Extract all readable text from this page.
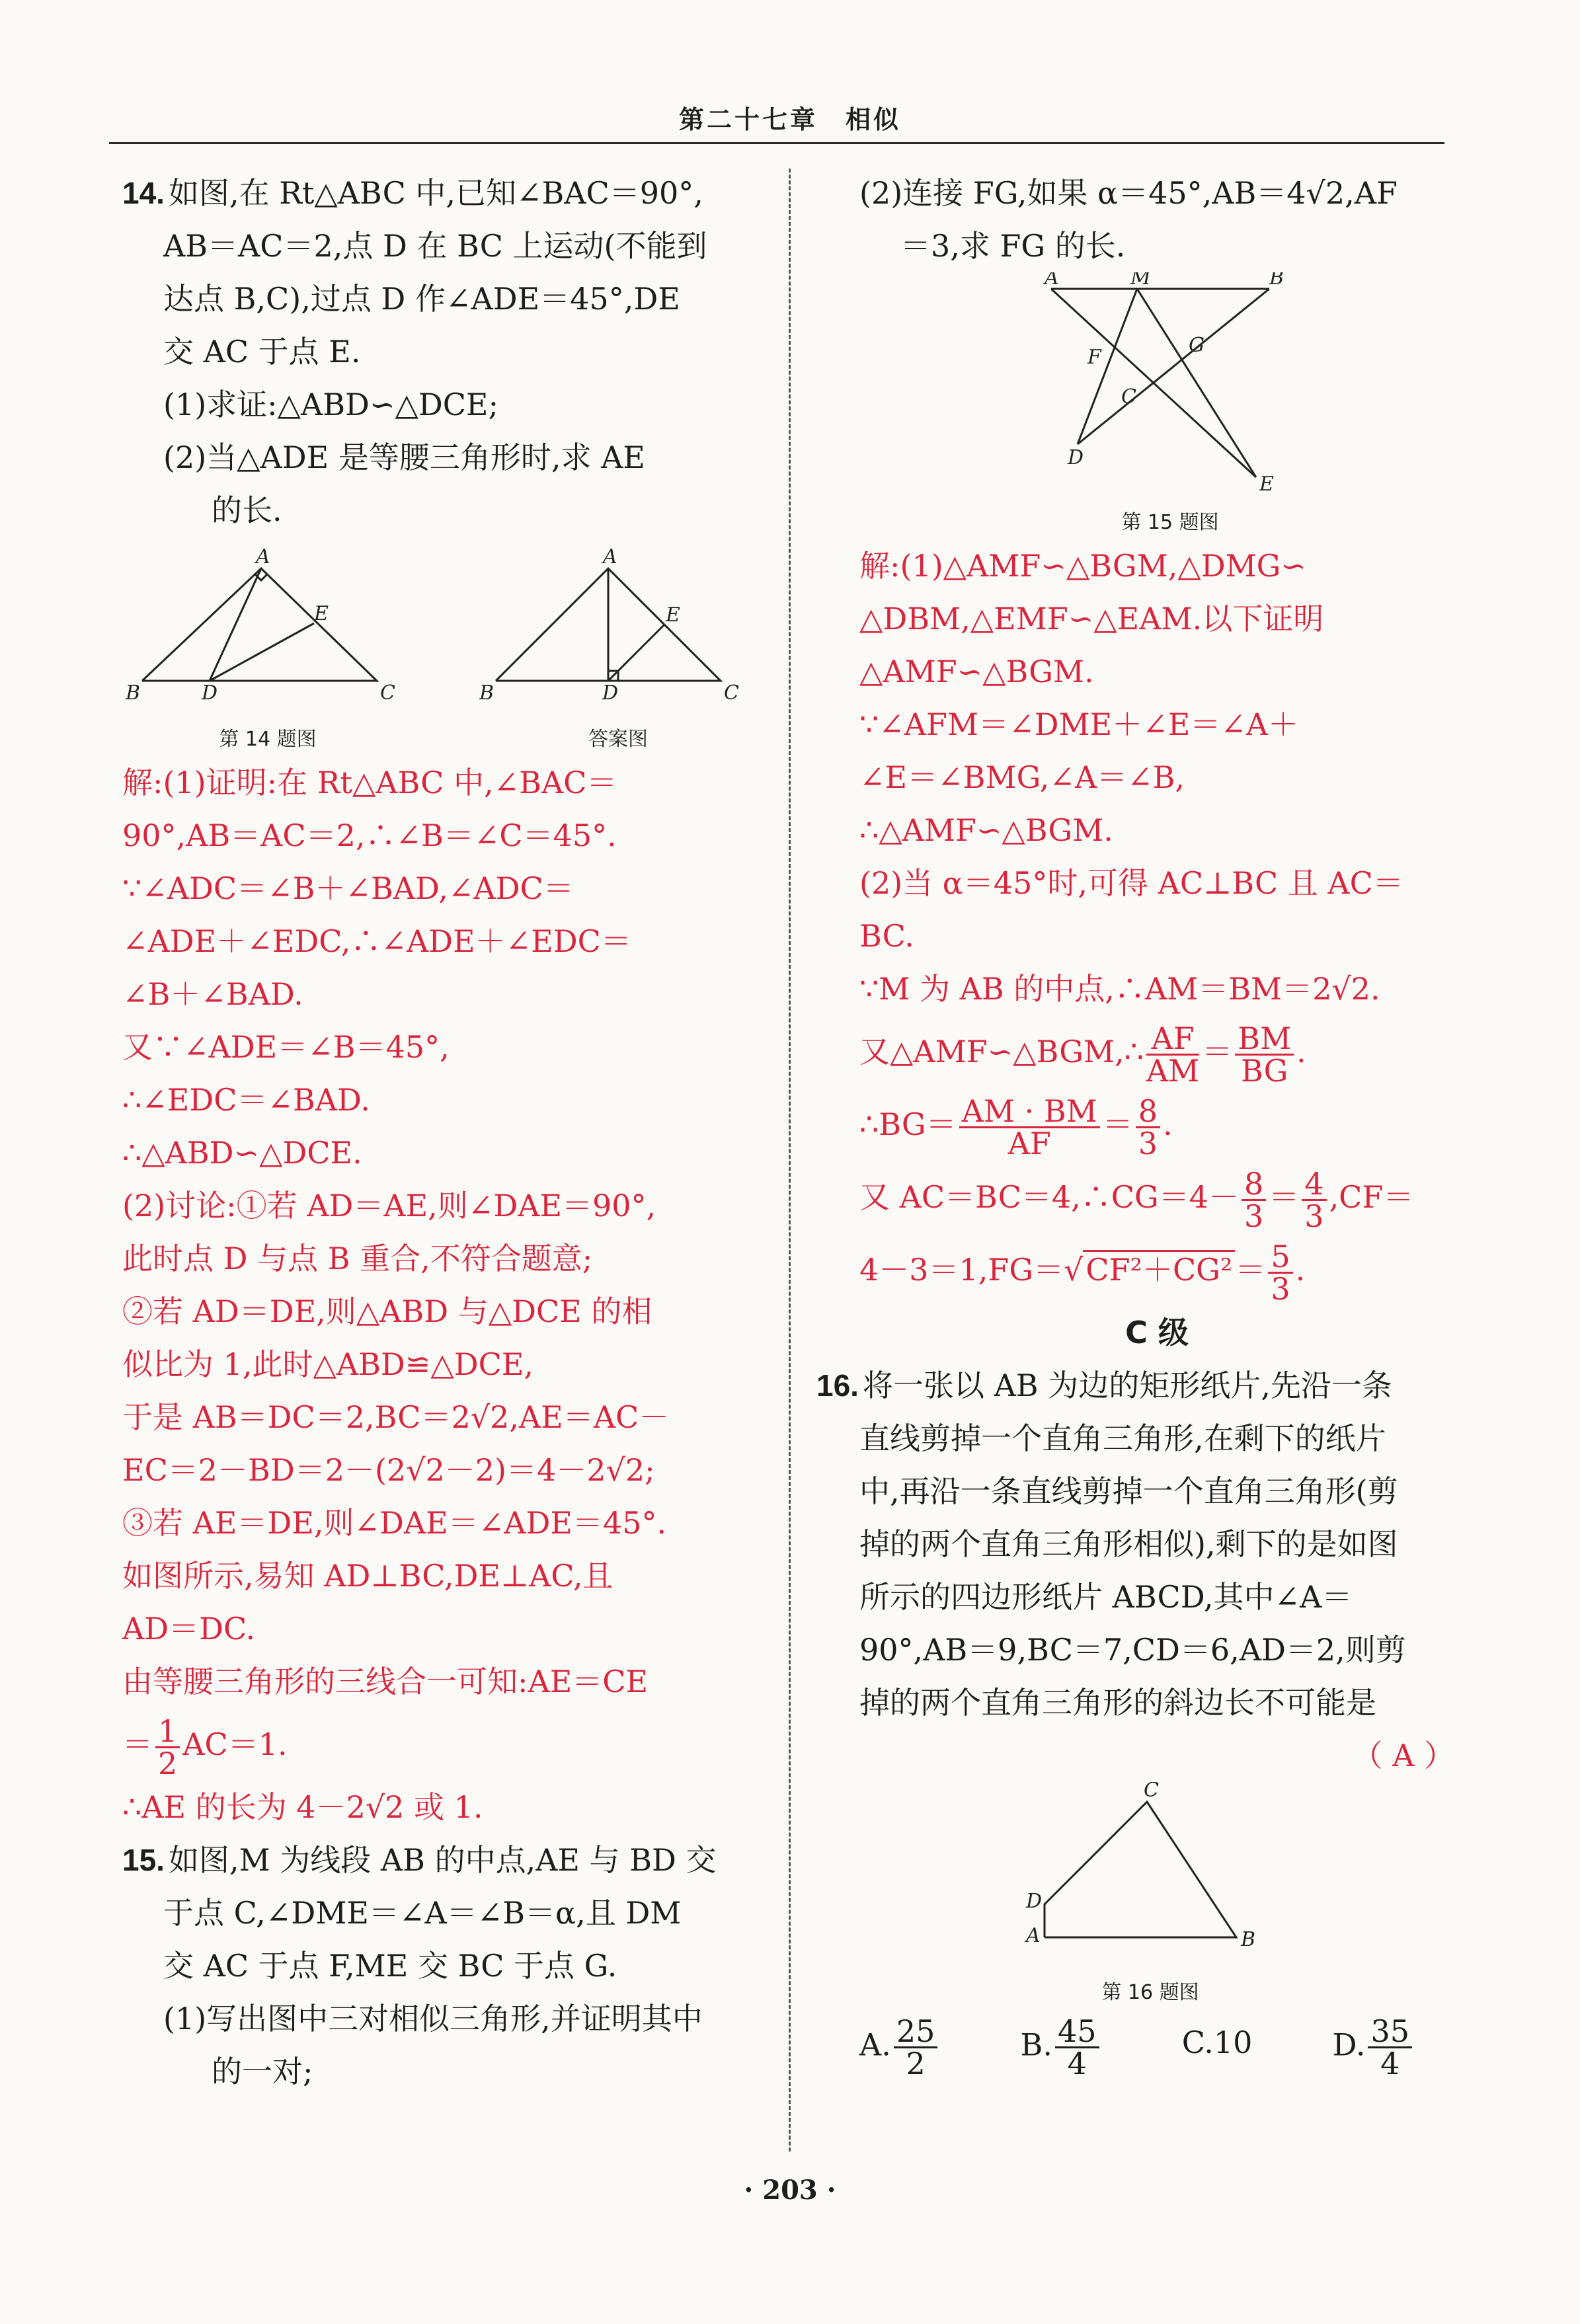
第二十七章　相似

14. 如图,在 Rt△ABC 中,已知∠BAC＝90°,

AB＝AC＝2,点 D 在 BC 上运动(不能到

达点 B,C),过点 D 作∠ADE＝45°,DE

交 AC 于点 E.

(1)求证:△ABD∽△DCE;

(2)当△ADE 是等腰三角形时,求 AE

的长.

A
B	D
E
C
第 14 题图
A
B	D
E
C
答案图

解:(1)证明:在 Rt△ABC 中,∠BAC＝

90°,AB＝AC＝2,∴∠B＝∠C＝45°.

∵∠ADC＝∠B＋∠BAD,∠ADC＝

∠ADE＋∠EDC,∴∠ADE＋∠EDC＝

∠B＋∠BAD.

又∵∠ADE＝∠B＝45°,

∴∠EDC＝∠BAD.

∴△ABD∽△DCE.

(2)讨论:①若 AD＝AE,则∠DAE＝90°,

此时点 D 与点 B 重合,不符合题意;

②若 AD＝DE,则△ABD 与△DCE 的相

似比为 1,此时△ABD≌△DCE,

于是 AB＝DC＝2,BC＝2√2,AE＝AC－

EC＝2－BD＝2－(2√2－2)＝4－2√2;

③若 AE＝DE,则∠DAE＝∠ADE＝45°.

如图所示,易知 AD⊥BC,DE⊥AC,且

AD＝DC.

由等腰三角形的三线合一可知:AE＝CE

＝ $\frac{1}{2} AC=1$.

∴AE 的长为 4－2√2 或 1.

15. 如图,M 为线段 AB 的中点,AE 与 BD 交

于点 C,∠DME＝∠A＝∠B＝α,且 DM

交 AC 于点 F,ME 交 BC 于点 G.

(1)写出图中三对相似三角形,并证明其中

的一对;

(2)连接 FG,如果 α＝45°,AB＝4√2,AF

＝3,求 FG 的长.

A	M	B
G
F
C
D
E
第 15 题图

解:(1)△AMF∽△BGM,△DMG∽

△DBM,△EMF∽△EAM.以下证明

△AMF∽△BGM.

∵∠AFM＝∠DME＋∠E＝∠A＋

∠E＝∠BMG,∠A＝∠B,

∴△AMF∽△BGM.

(2)当 α＝45°时,可得 AC⊥BC 且 AC＝

BC.

∵M 为 AB 的中点,∴AM＝BM＝2√2.

又△AMF∽△BGM,∴ $\frac{AF}{AM} = \frac{BM}{BG}$ .

∴BG＝ $\frac{AM \cdot BM}{AF} = \frac{8}{3}$ .

又 AC＝BC＝4,∴CG＝4－ $\frac{8}{3} = \frac{4}{3} ,CF=$

$4-3=1,FG=√CF^2+CG^2= \frac{5}{3}$ .

C 级

16. 将一张以 AB 为边的矩形纸片,先沿一条

直线剪掉一个直角三角形,在剩下的纸片

中,再沿一条直线剪掉一个直角三角形(剪

掉的两个直角三角形相似),剩下的是如图

所示的四边形纸片 ABCD,其中∠A＝

90°,AB＝9,BC＝7,CD＝6,AD＝2,则剪

掉的两个直角三角形的斜边长不可能是

（ A ）

C
D
A	B
第 16 题图
A. $\frac{25}{2}$	B. $\frac{45}{4}$	C.10	D. $\frac{35}{4}$
· 203 ·
